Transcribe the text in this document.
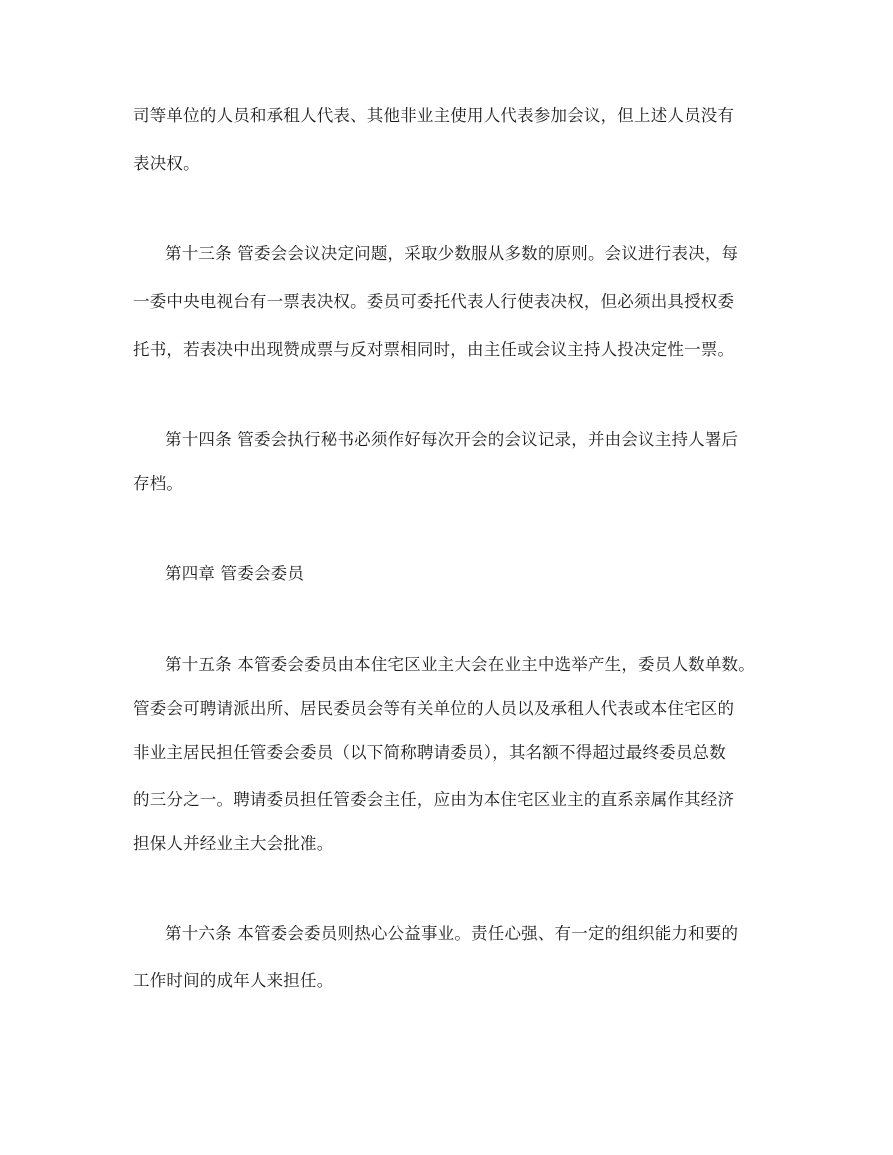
司等单位的人员和承租人代表、其他非业主使用人代表参加会议，但上述人员没有
表决权。
第十三条 管委会会议决定问题，采取少数服从多数的原则。会议进行表决，每
一委中央电视台有一票表决权。委员可委托代表人行使表决权，但必须出具授权委
托书，若表决中出现赞成票与反对票相同时，由主任或会议主持人投决定性一票。
第十四条 管委会执行秘书必须作好每次开会的会议记录，并由会议主持人署后
存档。
第四章 管委会委员
第十五条 本管委会委员由本住宅区业主大会在业主中选举产生，委员人数单数。
管委会可聘请派出所、居民委员会等有关单位的人员以及承租人代表或本住宅区的
非业主居民担任管委会委员（以下简称聘请委员），其名额不得超过最终委员总数
的三分之一。聘请委员担任管委会主任，应由为本住宅区业主的直系亲属作其经济
担保人并经业主大会批准。
第十六条 本管委会委员则热心公益事业。责任心强、有一定的组织能力和要的
工作时间的成年人来担任。
